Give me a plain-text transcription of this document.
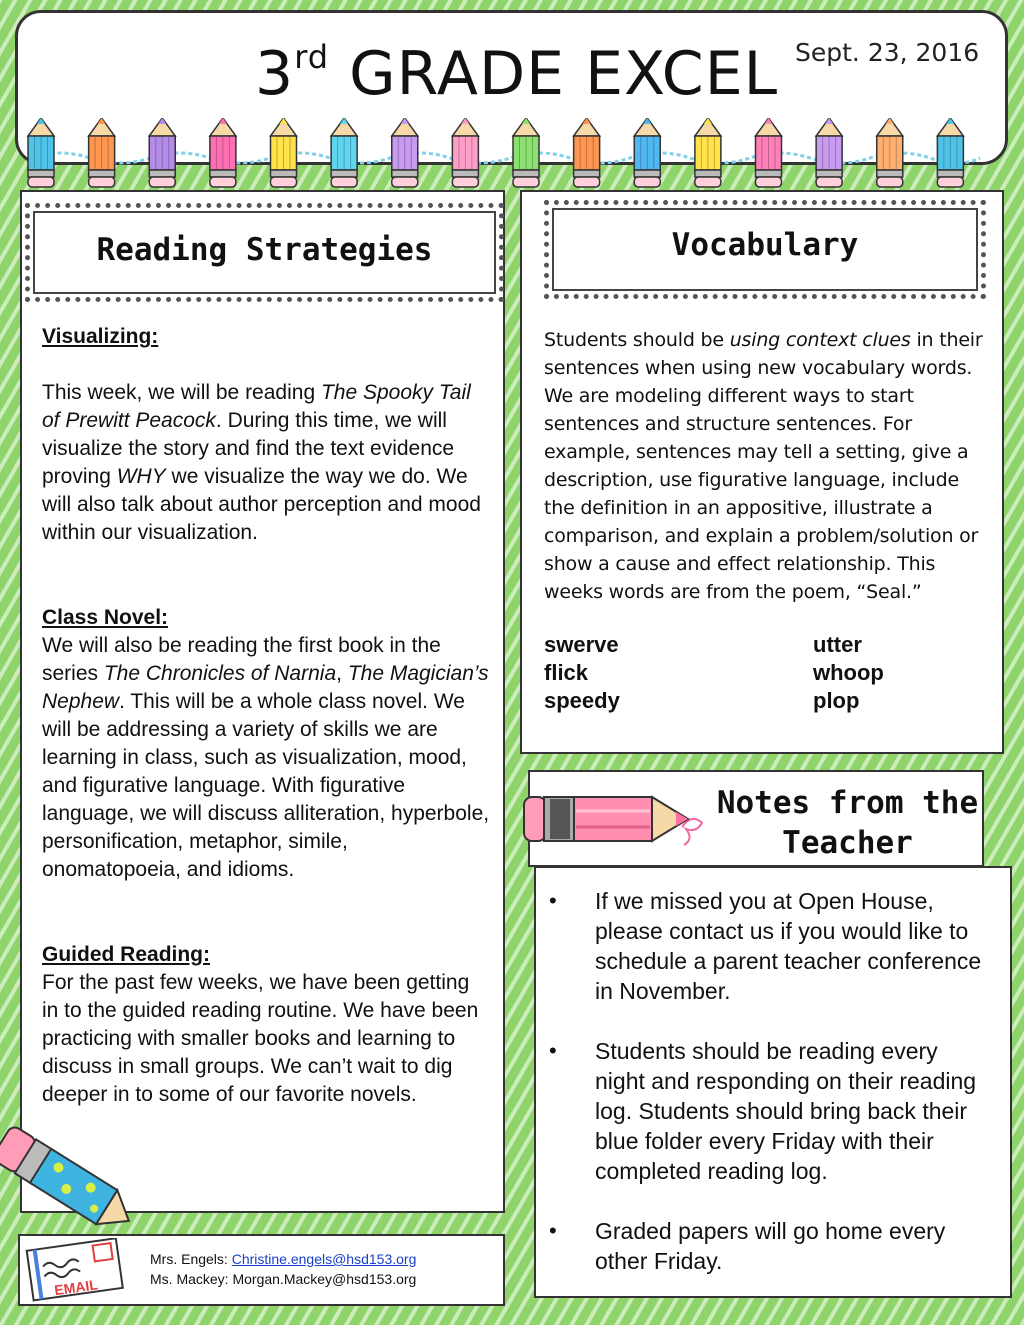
3rd GRADE EXCEL Sept. 23, 2016
Reading Strategies
Visualizing:
This week, we will be reading The Spooky Tail of Prewitt Peacock. During this time, we will visualize the story and find the text evidence proving WHY we visualize the way we do. We will also talk about author perception and mood within our visualization.
Class Novel:
We will also be reading the first book in the series The Chronicles of Narnia, The Magician’s Nephew. This will be a whole class novel. We will be addressing a variety of skills we are learning in class, such as visualization, mood, and figurative language. With figurative language, we will discuss alliteration, hyperbole, personification, metaphor, simile, onomatopoeia, and idioms.
Guided Reading:
For the past few weeks, we have been getting in to the guided reading routine. We have been practicing with smaller books and learning to discuss in small groups. We can’t wait to dig deeper in to some of our favorite novels.
Vocabulary
Students should be using context clues in their sentences when using new vocabulary words. We are modeling different ways to start sentences and structure sentences. For example, sentences may tell a setting, give a description, use figurative language, include the definition in an appositive, illustrate a comparison, and explain a problem/solution or show a cause and effect relationship. This weeks words are from the poem, “Seal.”
swerve
flick
speedy
utter
whoop
plop
Notes from the
Teacher
• If we missed you at Open House, please contact us if you would like to schedule a parent teacher conference in November.
• Students should be reading every night and responding on their reading log. Students should bring back their blue folder every Friday with their completed reading log.
• Graded papers will go home every other Friday.
EMAIL
Mrs. Engels: Christine.engels@hsd153.org
Ms. Mackey: Morgan.Mackey@hsd153.org
